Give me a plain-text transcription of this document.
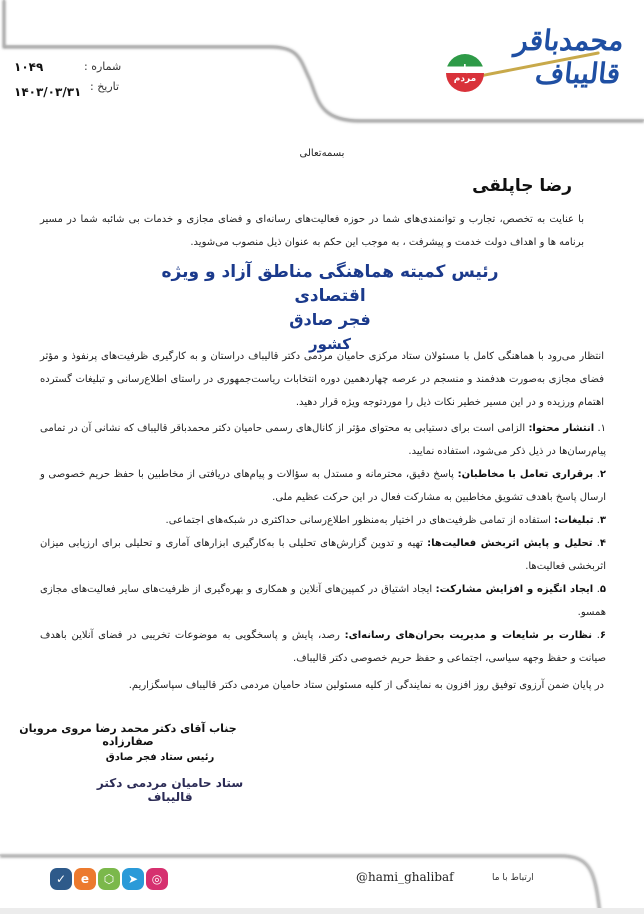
محمدباقر قالیباف
دولت مردم
شماره :
۱۰۴۹
تاریخ :
۱۴۰۳/۰۳/۳۱
بسمه‌تعالی
رضا جاپلقی
با عنایت به تخصص، تجارب و توانمندی‌های شما در حوزه فعالیت‌های رسانه‌ای و فضای مجازی و خدمات بی شائبه شما در مسیر برنامه ها و اهداف دولت خدمت و پیشرفت ، به موجب این حکم به عنوان ذیل منصوب می‌شوید.
رئیس کمیته هماهنگی مناطق آزاد و ویژه اقتصادی
فجر صادق
کشور
انتظار می‌رود با هماهنگی کامل با مسئولان ستاد مرکزی حامیان مردمی دکتر قالیباف دراستان و به کارگیری ظرفیت‌های پرنفوذ و مؤثر فضای مجازی به‌صورت هدفمند و منسجم در عرصه چهاردهمین دوره انتخابات ریاست‌جمهوری در راستای اطلاع‌رسانی و تبلیغات گسترده اهتمام ورزیده و در این مسیر خطیر نکات ذیل را موردتوجه ویژه قرار دهید.
۱. انتشار محتوا: الزامی است برای دستیابی به محتوای مؤثر از کانال‌های رسمی حامیان دکتر محمدباقر قالیباف که نشانی آن در تمامی پیام‌رسان‌ها در ذیل ذکر می‌شود، استفاده نمایید.
۲. برقراری تعامل با مخاطبان: پاسخ دقیق، محترمانه و مستدل به سؤالات و پیام‌های دریافتی از مخاطبین با حفظ حریم خصوصی و ارسال پاسخ باهدف تشویق مخاطبین به مشارکت فعال در این حرکت عظیم ملی.
۳. تبلیغات: استفاده از تمامی ظرفیت‌های در اختیار به‌منظور اطلاع‌رسانی حداکثری در شبکه‌های اجتماعی.
۴. تحلیل و پایش اثربخش فعالیت‌ها: تهیه و تدوین گزارش‌های تحلیلی با به‌کارگیری ابزارهای آماری و تحلیلی برای ارزیابی میزان اثربخشی فعالیت‌ها.
۵. ایجاد انگیزه و افزایش مشارکت: ایجاد اشتیاق در کمپین‌های آنلاین و همکاری و بهره‌گیری از ظرفیت‌های سایر فعالیت‌های مجازی همسو.
۶. نظارت بر شایعات و مدیریت بحران‌های رسانه‌ای: رصد، پایش و پاسخگویی به موضوعات تخریبی در فضای آنلاین باهدف صیانت و حفظ وجهه سیاسی، اجتماعی و حفظ حریم خصوصی دکتر قالیباف.
در پایان ضمن آرزوی توفیق روز افزون به نمایندگی از کلیه مسئولین ستاد حامیان مردمی دکتر قالیباف سپاسگزاریم.
جناب آقای دکتر محمد رضا مروی مرویان صفارزاده
رئیس ستاد فجر صادق
ستاد حامیان مردمی دکتر قالیباف
ارتباط با ما
@hami_ghalibaf
◎
➤
⬡
e
✓
